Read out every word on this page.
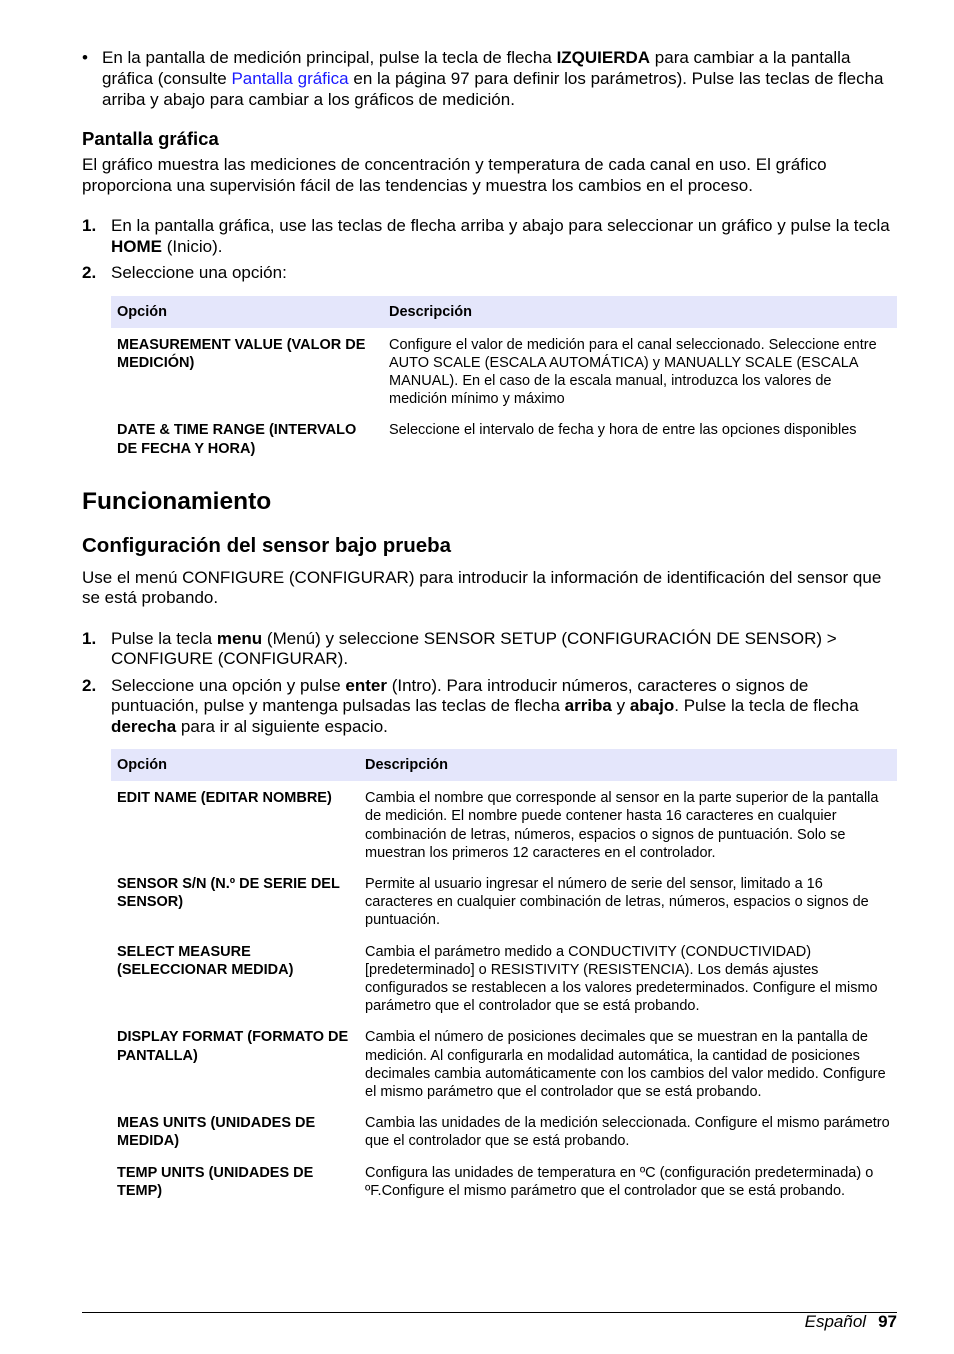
• En la pantalla de medición principal, pulse la tecla de flecha IZQUIERDA para cambiar a la pantalla gráfica (consulte Pantalla gráfica en la página 97 para definir los parámetros). Pulse las teclas de flecha arriba y abajo para cambiar a los gráficos de medición.
Pantalla gráfica

El gráfico muestra las mediciones de concentración y temperatura de cada canal en uso. El gráfico proporciona una supervisión fácil de las tendencias y muestra los cambios en el proceso.

1. En la pantalla gráfica, use las teclas de flecha arriba y abajo para seleccionar un gráfico y pulse la tecla HOME (Inicio).
2. Seleccione una opción:
Opción	Descripción
MEASUREMENT VALUE (VALOR DE MEDICIÓN)	Configure el valor de medición para el canal seleccionado. Seleccione entre AUTO SCALE (ESCALA AUTOMÁTICA) y MANUALLY SCALE (ESCALA MANUAL). En el caso de la escala manual, introduzca los valores de medición mínimo y máximo
DATE & TIME RANGE (INTERVALO DE FECHA Y HORA)	Seleccione el intervalo de fecha y hora de entre las opciones disponibles
Funcionamiento
Configuración del sensor bajo prueba

Use el menú CONFIGURE (CONFIGURAR) para introducir la información de identificación del sensor que se está probando.

1. Pulse la tecla menu (Menú) y seleccione SENSOR SETUP (CONFIGURACIÓN DE SENSOR) > CONFIGURE (CONFIGURAR).
2. Seleccione una opción y pulse enter (Intro). Para introducir números, caracteres o signos de puntuación, pulse y mantenga pulsadas las teclas de flecha arriba y abajo. Pulse la tecla de flecha derecha para ir al siguiente espacio.
Opción	Descripción
EDIT NAME (EDITAR NOMBRE)	Cambia el nombre que corresponde al sensor en la parte superior de la pantalla de medición. El nombre puede contener hasta 16 caracteres en cualquier combinación de letras, números, espacios o signos de puntuación. Solo se muestran los primeros 12 caracteres en el controlador.
SENSOR S/N (N.º DE SERIE DEL SENSOR)	Permite al usuario ingresar el número de serie del sensor, limitado a 16 caracteres en cualquier combinación de letras, números, espacios o signos de puntuación.
SELECT MEASURE (SELECCIONAR MEDIDA)	Cambia el parámetro medido a CONDUCTIVITY (CONDUCTIVIDAD) [predeterminado] o RESISTIVITY (RESISTENCIA). Los demás ajustes configurados se restablecen a los valores predeterminados. Configure el mismo parámetro que el controlador que se está probando.
DISPLAY FORMAT (FORMATO DE PANTALLA)	Cambia el número de posiciones decimales que se muestran en la pantalla de medición. Al configurarla en modalidad automática, la cantidad de posiciones decimales cambia automáticamente con los cambios del valor medido. Configure el mismo parámetro que el controlador que se está probando.
MEAS UNITS (UNIDADES DE MEDIDA)	Cambia las unidades de la medición seleccionada. Configure el mismo parámetro que el controlador que se está probando.
TEMP UNITS (UNIDADES DE TEMP)	Configura las unidades de temperatura en ºC (configuración predeterminada) o ºF.Configure el mismo parámetro que el controlador que se está probando.
Español 97
